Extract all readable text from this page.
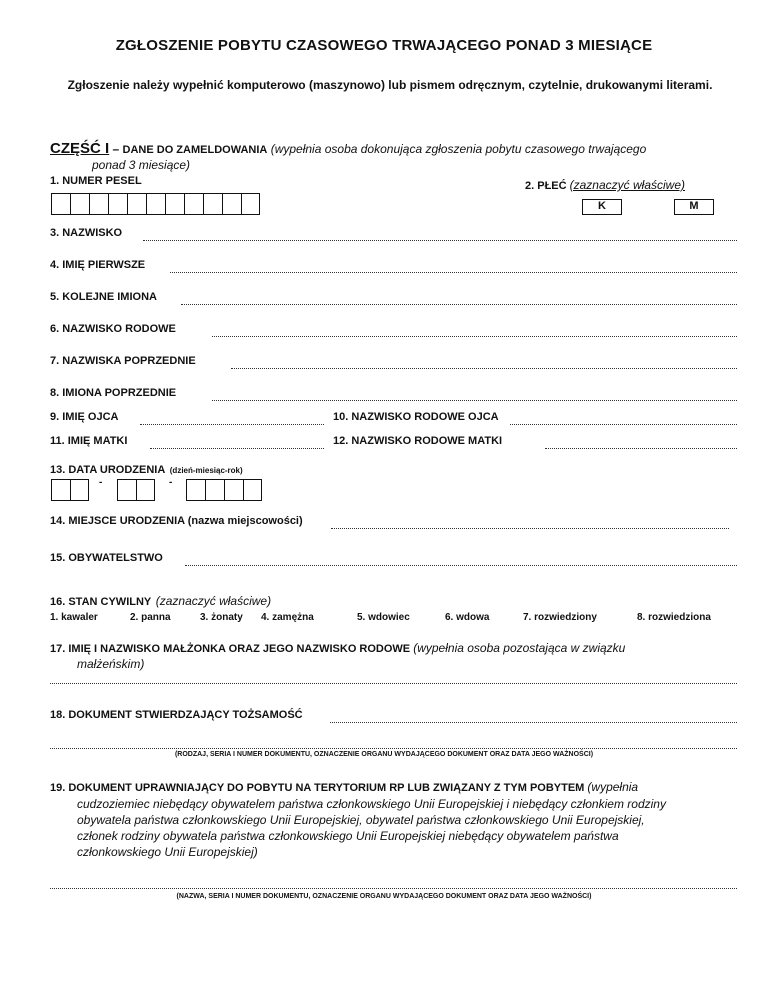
ZGŁOSZENIE POBYTU CZASOWEGO TRWAJĄCEGO PONAD 3 MIESIĄCE
Zgłoszenie należy wypełnić komputerowo (maszynowo) lub pismem odręcznym, czytelnie, drukowanymi literami.
CZĘŚĆ I – DANE DO ZAMELDOWANIA (wypełnia osoba dokonująca zgłoszenia pobytu czasowego trwającego
ponad 3 miesiące)
1. NUMER PESEL	2. PŁEĆ (zaznaczyć właściwe)
K	M
3. NAZWISKO
4. IMIĘ PIERWSZE
5. KOLEJNE IMIONA
6. NAZWISKO RODOWE
7. NAZWISKA POPRZEDNIE
8. IMIONA POPRZEDNIE
9. IMIĘ OJCA	10. NAZWISKO RODOWE OJCA
11. IMIĘ MATKI	12. NAZWISKO RODOWE MATKI
13. DATA URODZENIA (dzień-miesiąc-rok)
-	-
14. MIEJSCE URODZENIA (nazwa miejscowości)
15. OBYWATELSTWO
16. STAN CYWILNY (zaznaczyć właściwe)
1. kawaler	2. panna	3. żonaty 4. zamężna	5. wdowiec	6. wdowa	7. rozwiedziony	8. rozwiedziona
17. IMIĘ I NAZWISKO MAŁŻONKA ORAZ JEGO NAZWISKO RODOWE (wypełnia osoba pozostająca w związku
małżeńskim)
18. DOKUMENT STWIERDZAJĄCY TOŻSAMOŚĆ
(RODZAJ, SERIA I NUMER DOKUMENTU, OZNACZENIE ORGANU WYDAJĄCEGO DOKUMENT ORAZ DATA JEGO WAŻNOŚCI)
19. DOKUMENT UPRAWNIAJĄCY DO POBYTU NA TERYTORIUM RP LUB ZWIĄZANY Z TYM POBYTEM (wypełnia
cudzoziemiec niebędący obywatelem państwa członkowskiego Unii Europejskiej i niebędący członkiem rodziny
obywatela państwa członkowskiego Unii Europejskiej, obywatel państwa członkowskiego Unii Europejskiej,
członek rodziny obywatela państwa członkowskiego Unii Europejskiej niebędący obywatelem państwa
członkowskiego Unii Europejskiej)
(NAZWA, SERIA I NUMER DOKUMENTU, OZNACZENIE ORGANU WYDAJĄCEGO DOKUMENT ORAZ DATA JEGO WAŻNOŚCI)
